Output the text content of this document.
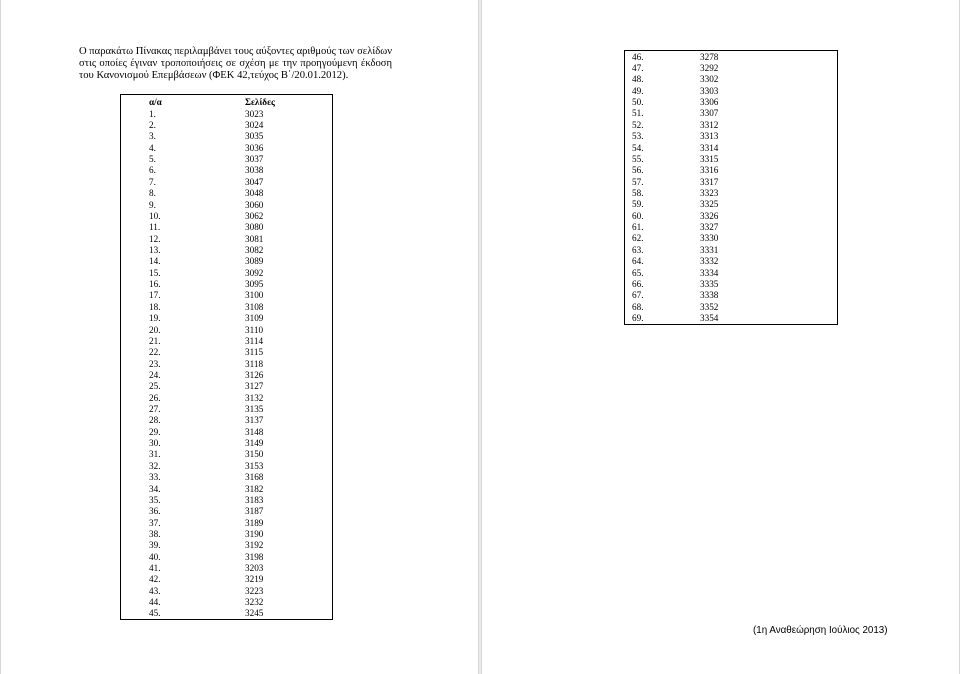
Ο παρακάτω Πίνακας περιλαμβάνει τους αύξοντες αριθμούς των σελίδων στις οποίες έγιναν τροποποιήσεις σε σχέση με την προηγούμενη έκδοση του Κανονισμού Επεμβάσεων (ΦΕΚ 42,τεύχος Β΄/20.01.2012).

α/α	Σελίδες
1.	3023
2.	3024
3.	3035
4.	3036
5.	3037
6.	3038
7.	3047
8.	3048
9.	3060
10.	3062
11.	3080
12.	3081
13.	3082
14.	3089
15.	3092
16.	3095
17.	3100
18.	3108
19.	3109
20.	3110
21.	3114
22.	3115
23.	3118
24.	3126
25.	3127
26.	3132
27.	3135
28.	3137
29.	3148
30.	3149
31.	3150
32.	3153
33.	3168
34.	3182
35.	3183
36.	3187
37.	3189
38.	3190
39.	3192
40.	3198
41.	3203
42.	3219
43.	3223
44.	3232
45.	3245
46.	3278
47.	3292
48.	3302
49.	3303
50.	3306
51.	3307
52.	3312
53.	3313
54.	3314
55.	3315
56.	3316
57.	3317
58.	3323
59.	3325
60.	3326
61.	3327
62.	3330
63.	3331
64.	3332
65.	3334
66.	3335
67.	3338
68.	3352
69.	3354
(1η Αναθεώρηση Ιούλιος 2013)
